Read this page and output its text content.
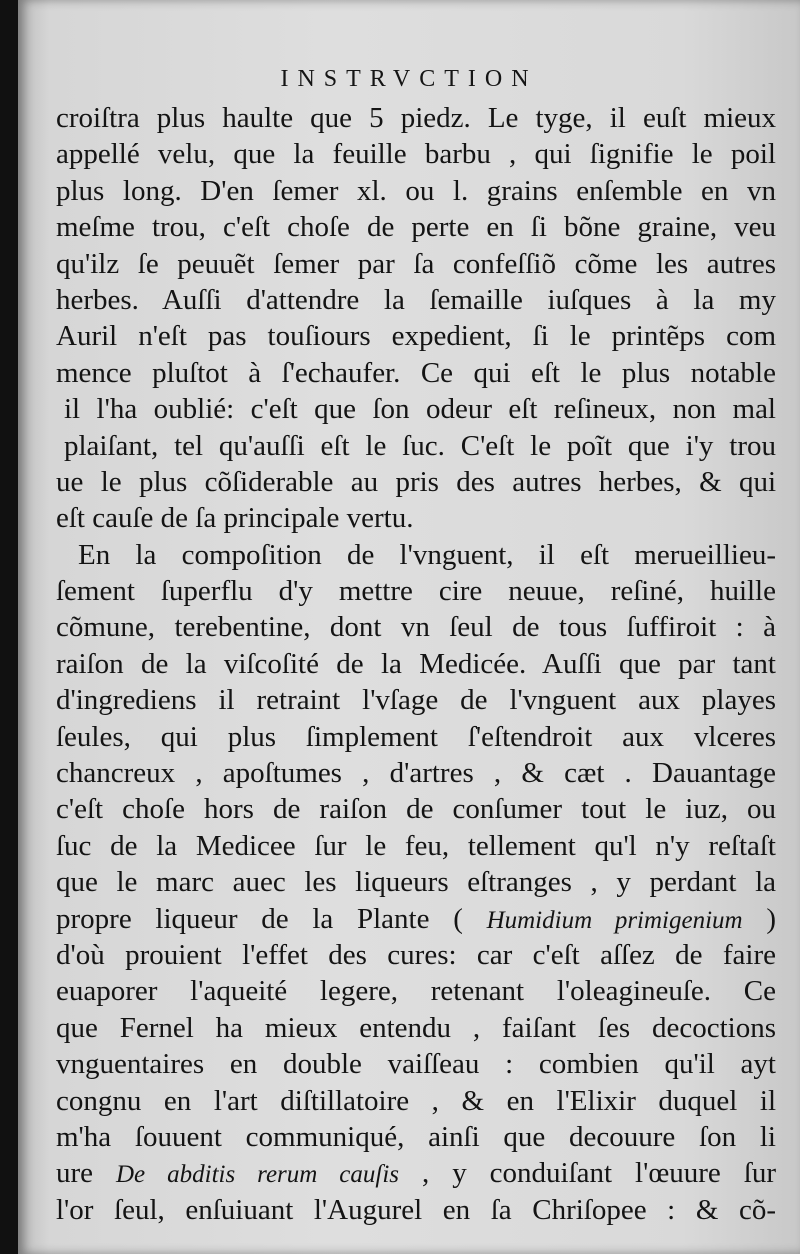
INSTRVCTION
croiſtra plus haulte que 5 piedz. Le tyge, il euſt mieux
appellé velu, que la feuille barbu , qui ſignifie le poil
plus long. D'en ſemer xl. ou l. grains enſemble en vn
meſme trou, c'eſt choſe de perte en ſi bõne graine, veu
qu'ilz ſe peuuẽt ſemer par ſa confeſſiõ cõme les autres
herbes. Auſſi d'attendre la ſemaille iuſques à la my
Auril n'eſt pas touſiours expedient, ſi le printẽps com
mence pluſtot à ſ'echaufer. Ce qui eſt le plus notable
il l'ha oublié: c'eſt que ſon odeur eſt reſineux, non mal
plaiſant, tel qu'auſſi eſt le ſuc. C'eſt le poĩt que i'y trou
ue le plus cõſiderable au pris des autres herbes, & qui
eſt cauſe de ſa principale vertu.
En la compoſition de l'vnguent, il eſt merueillieu-
ſement ſuperflu d'y mettre cire neuue, reſiné, huille
cõmune, terebentine, dont vn ſeul de tous ſuffiroit : à
raiſon de la viſcoſité de la Medicée. Auſſi que par tant
d'ingrediens il retraint l'vſage de l'vnguent aux playes
ſeules, qui plus ſimplement ſ'eſtendroit aux vlceres
chancreux , apoſtumes , d'artres , & cæt . Dauantage
c'eſt choſe hors de raiſon de conſumer tout le iuz, ou
ſuc de la Medicee ſur le feu, tellement qu'l n'y reſtaſt
que le marc auec les liqueurs eſtranges , y perdant la
propre liqueur de la Plante ( Humidium primigenium )
d'où prouient l'effet des cures: car c'eſt aſſez de faire
euaporer l'aqueité legere, retenant l'oleagineuſe. Ce
que Fernel ha mieux entendu , faiſant ſes decoctions
vnguentaires en double vaiſſeau : combien qu'il ayt
congnu en l'art diſtillatoire , & en l'Elixir duquel il
m'ha ſouuent communiqué, ainſi que decouure ſon li
ure De abditis rerum cauſis , y conduiſant l'œuure ſur
l'or ſeul, enſuiuant l'Augurel en ſa Chriſopee : & cõ-
